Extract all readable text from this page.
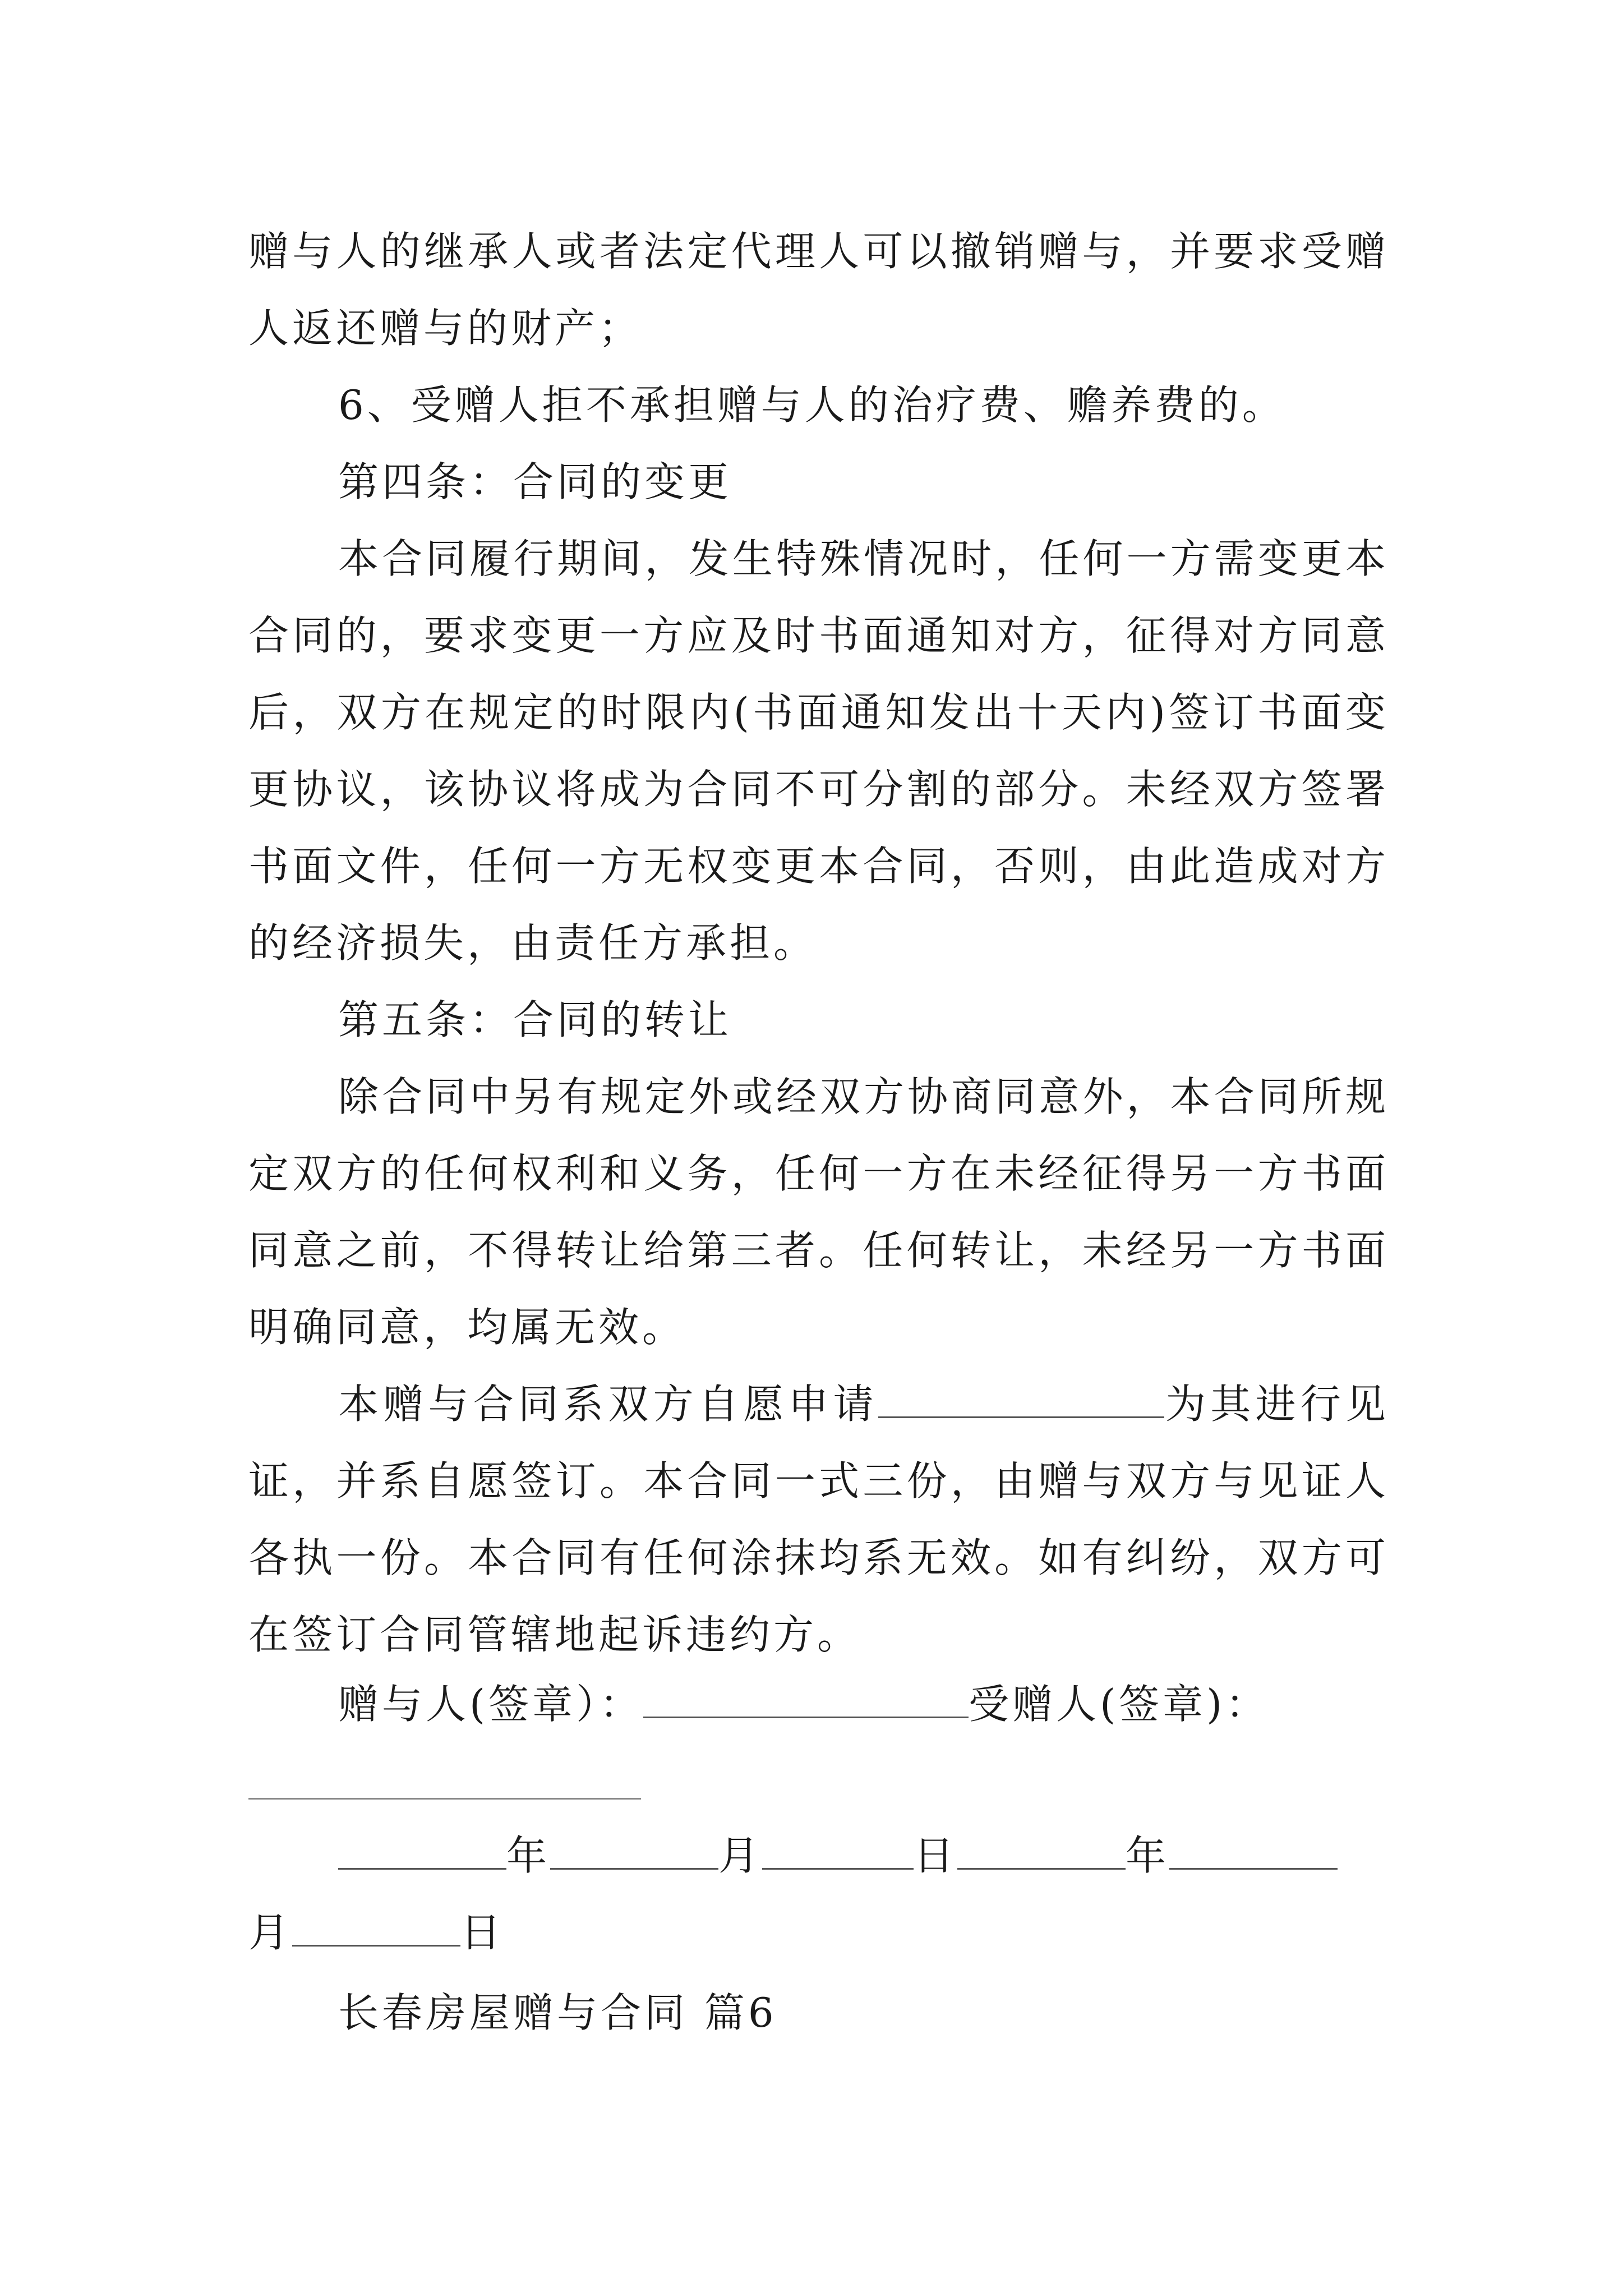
赠与人的继承人或者法定代理人可以撤销赠与，并要求受赠人返还赠与的财产；

6、受赠人拒不承担赠与人的治疗费、赡养费的。

第四条：合同的变更

本合同履行期间，发生特殊情况时，任何一方需变更本合同的，要求变更一方应及时书面通知对方，征得对方同意后，双方在规定的时限内(书面通知发出十天内)签订书面变更协议，该协议将成为合同不可分割的部分。未经双方签署书面文件，任何一方无权变更本合同，否则，由此造成对方的经济损失，由责任方承担。

第五条：合同的转让

除合同中另有规定外或经双方协商同意外，本合同所规定双方的任何权利和义务，任何一方在未经征得另一方书面同意之前，不得转让给第三者。任何转让，未经另一方书面明确同意，均属无效。

本赠与合同系双方自愿申请	为其进行见证，并系自愿签订。本合同一式三份，由赠与双方与见证人各执一份。本合同有任何涂抹均系无效。如有纠纷，双方可在签订合同管辖地起诉违约方。

赠与人(签章）：	受赠人(签章)：
年	月	日	年
月	日
长春房屋赠与合同 篇6
